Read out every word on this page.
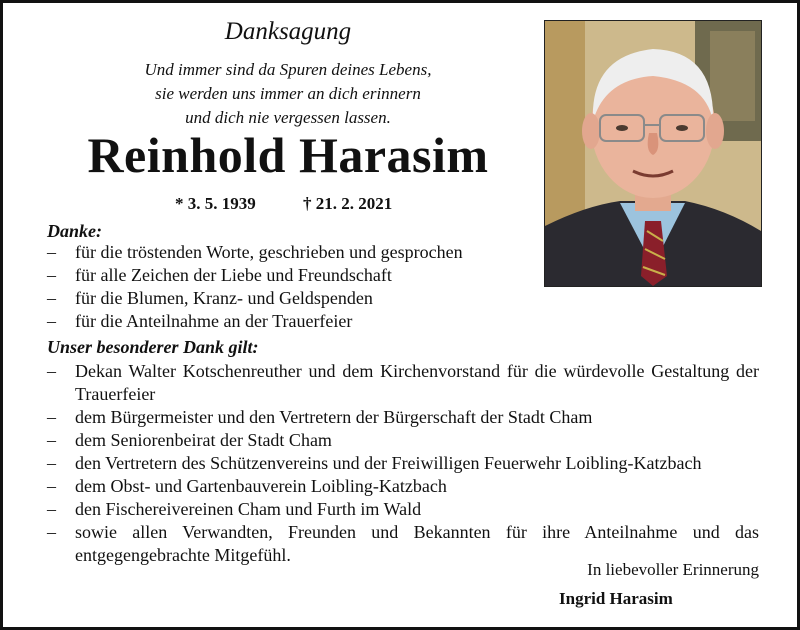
Danksagung
Und immer sind da Spuren deines Lebens,
sie werden uns immer an dich erinnern
und dich nie vergessen lassen.
Reinhold Harasim
* 3. 5. 1939	† 21. 2. 2021
Danke:
– für die tröstenden Worte, geschrieben und gesprochen
– für alle Zeichen der Liebe und Freundschaft
– für die Blumen, Kranz- und Geldspenden
– für die Anteilnahme an der Trauerfeier
Unser besonderer Dank gilt:
– Dekan Walter Kotschenreuther und dem Kirchenvorstand für die würdevolle Gestaltung der Trauerfeier
– dem Bürgermeister und den Vertretern der Bürgerschaft der Stadt Cham
– dem Seniorenbeirat der Stadt Cham
– den Vertretern des Schützenvereins und der Freiwilligen Feuerwehr Loibling-Katzbach
– dem Obst- und Gartenbauverein Loibling-Katzbach
– den Fischereivereinen Cham und Furth im Wald
– sowie allen Verwandten, Freunden und Bekannten für ihre Anteilnahme und das entgegengebrachte Mitgefühl.
In liebevoller Erinnerung
Ingrid Harasim
